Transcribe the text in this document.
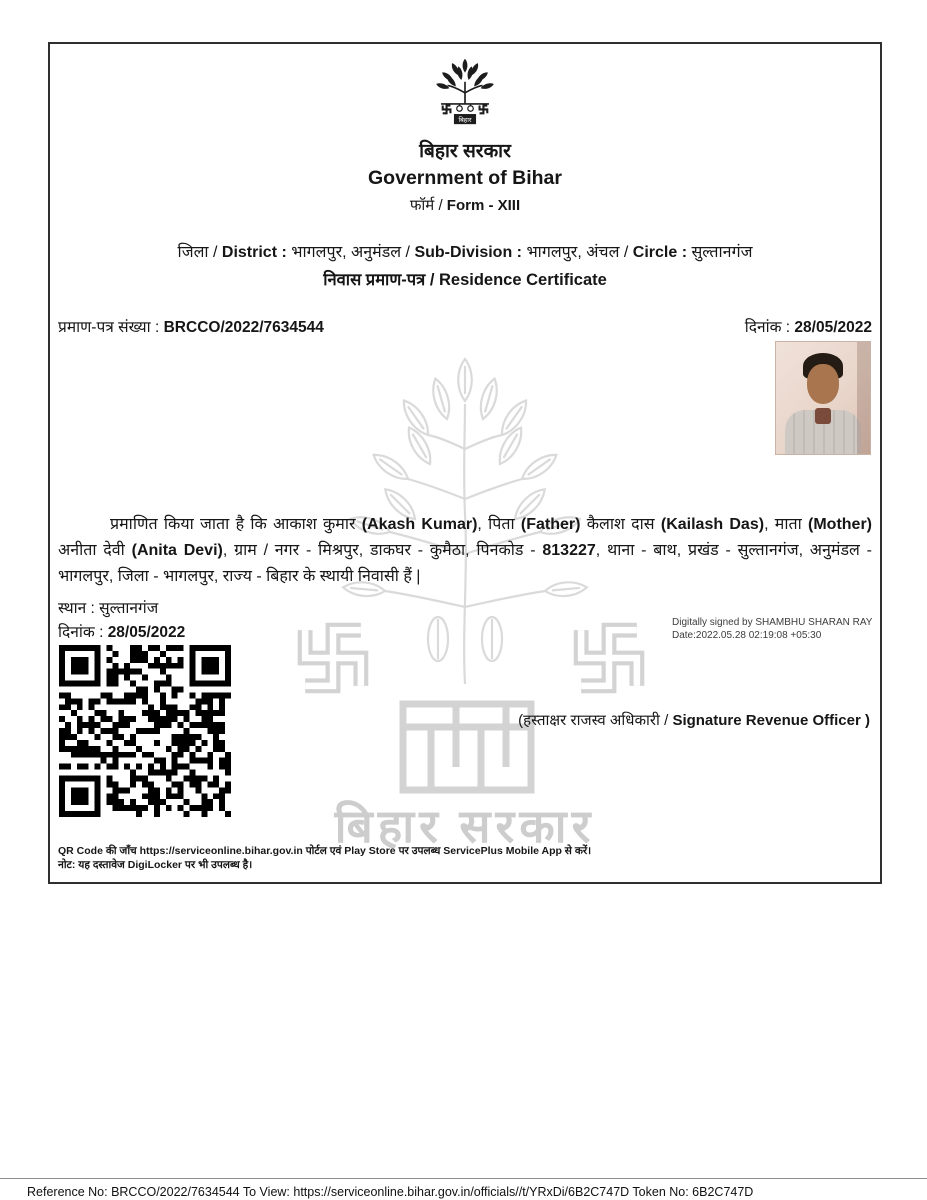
बिहार सरकार
बिहार
बिहार सरकार
Government of Bihar
फॉर्म / Form - XIII
जिला / District : भागलपुर, अनुमंडल / Sub-Division : भागलपुर, अंचल / Circle : सुल्तानगंज
निवास प्रमाण-पत्र / Residence Certificate
प्रमाण-पत्र संख्या : BRCCO/2022/7634544	दिनांक : 28/05/2022

प्रमाणित किया जाता है कि आकाश कुमार (Akash Kumar), पिता (Father) कैलाश दास (Kailash Das), माता (Mother) अनीता देवी (Anita Devi), ग्राम / नगर - मिश्रपुर, डाकघर - कुमैठा, पिनकोड - 813227, थाना - बाथ, प्रखंड - सुल्तानगंज, अनुमंडल - भागलपुर, जिला - भागलपुर, राज्य - बिहार के स्थायी निवासी हैं |

स्थान : सुल्तानगंज
दिनांक : 28/05/2022
Digitally signed by SHAMBHU SHARAN RAY
Date:2022.05.28 02:19:08 +05:30
(हस्ताक्षर राजस्व अधिकारी / Signature Revenue Officer )
QR Code की जाँच https://serviceonline.bihar.gov.in पोर्टल एवं Play Store पर उपलब्ध ServicePlus Mobile App से करें।
नोट: यह दस्तावेज DigiLocker पर भी उपलब्ध है।
Reference No: BRCCO/2022/7634544 To View: https://serviceonline.bihar.gov.in/officials//t/YRxDi/6B2C747D Token No: 6B2C747D
